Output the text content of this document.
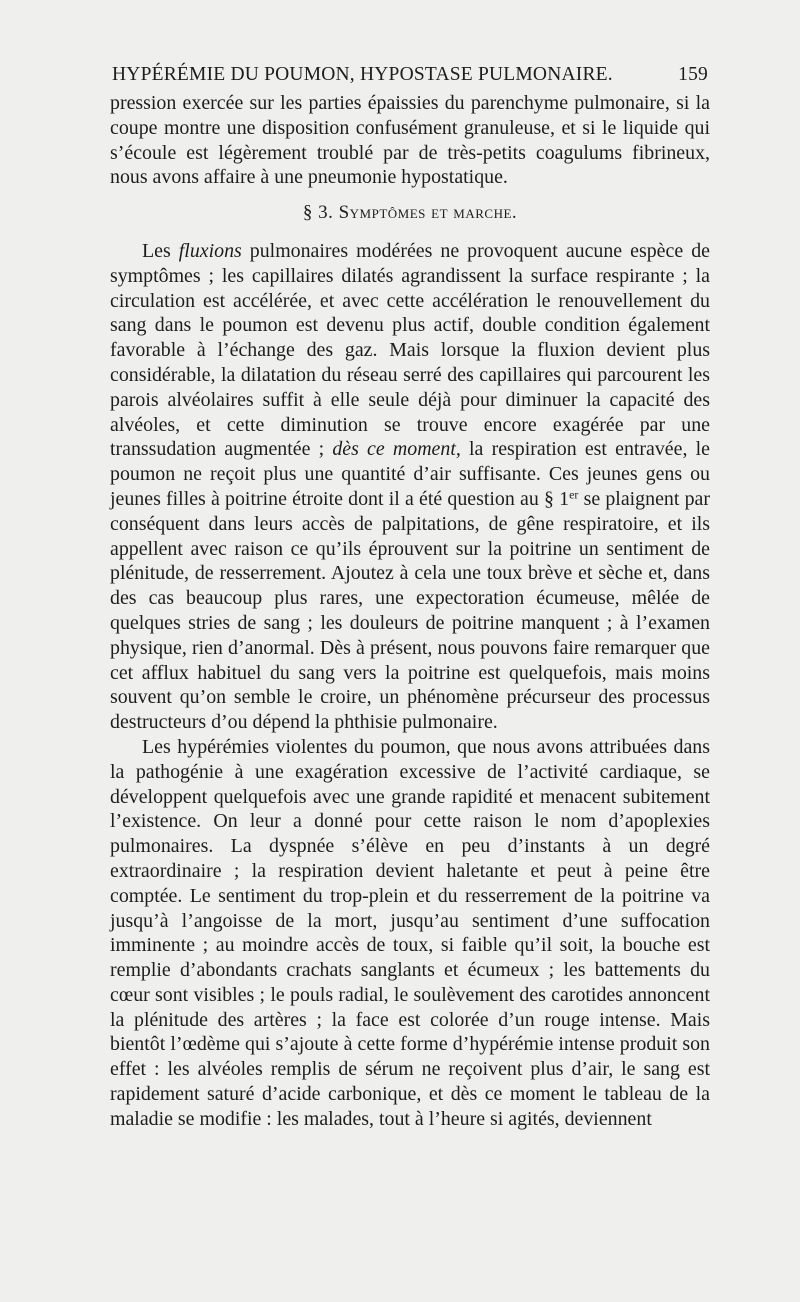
HYPÉRÉMIE DU POUMON, HYPOSTASE PULMONAIRE.	159

pression exercée sur les parties épaissies du parenchyme pulmonaire, si la coupe montre une disposition confusément granuleuse, et si le liquide qui s’écoule est légèrement troublé par de très-petits coagulums fibrineux, nous avons affaire à une pneumonie hypostatique.

§ 3. Symptômes et marche.

Les fluxions pulmonaires modérées ne provoquent aucune espèce de symptômes ; les capillaires dilatés agrandissent la surface respirante ; la circulation est accélérée, et avec cette accélération le renouvellement du sang dans le poumon est devenu plus actif, double condition également favorable à l’échange des gaz. Mais lorsque la fluxion devient plus considérable, la dilatation du réseau serré des capillaires qui parcourent les parois alvéolaires suffit à elle seule déjà pour diminuer la capacité des alvéoles, et cette diminution se trouve encore exagérée par une transsudation augmentée ; dès ce moment, la respiration est entravée, le poumon ne reçoit plus une quantité d’air suffisante. Ces jeunes gens ou jeunes filles à poitrine étroite dont il a été question au § 1er se plaignent par conséquent dans leurs accès de palpitations, de gêne respiratoire, et ils appellent avec raison ce qu’ils éprouvent sur la poitrine un sentiment de plénitude, de resserrement. Ajoutez à cela une toux brève et sèche et, dans des cas beaucoup plus rares, une expectoration écumeuse, mêlée de quelques stries de sang ; les douleurs de poitrine manquent ; à l’examen physique, rien d’anormal. Dès à présent, nous pouvons faire remarquer que cet afflux habituel du sang vers la poitrine est quelquefois, mais moins souvent qu’on semble le croire, un phénomène précurseur des processus destructeurs d’ou dépend la phthisie pulmonaire.

Les hypérémies violentes du poumon, que nous avons attribuées dans la pathogénie à une exagération excessive de l’activité cardiaque, se développent quelquefois avec une grande rapidité et menacent subitement l’existence. On leur a donné pour cette raison le nom d’apoplexies pulmonaires. La dyspnée s’élève en peu d’instants à un degré extraordinaire ; la respiration devient haletante et peut à peine être comptée. Le sentiment du trop-plein et du resserrement de la poitrine va jusqu’à l’angoisse de la mort, jusqu’au sentiment d’une suffocation imminente ; au moindre accès de toux, si faible qu’il soit, la bouche est remplie d’abondants crachats sanglants et écumeux ; les battements du cœur sont visibles ; le pouls radial, le soulèvement des carotides annoncent la plénitude des artères ; la face est colorée d’un rouge intense. Mais bientôt l’œdème qui s’ajoute à cette forme d’hypérémie intense produit son effet : les alvéoles remplis de sérum ne reçoivent plus d’air, le sang est rapidement saturé d’acide carbonique, et dès ce moment le tableau de la maladie se modifie : les malades, tout à l’heure si agités, deviennent
